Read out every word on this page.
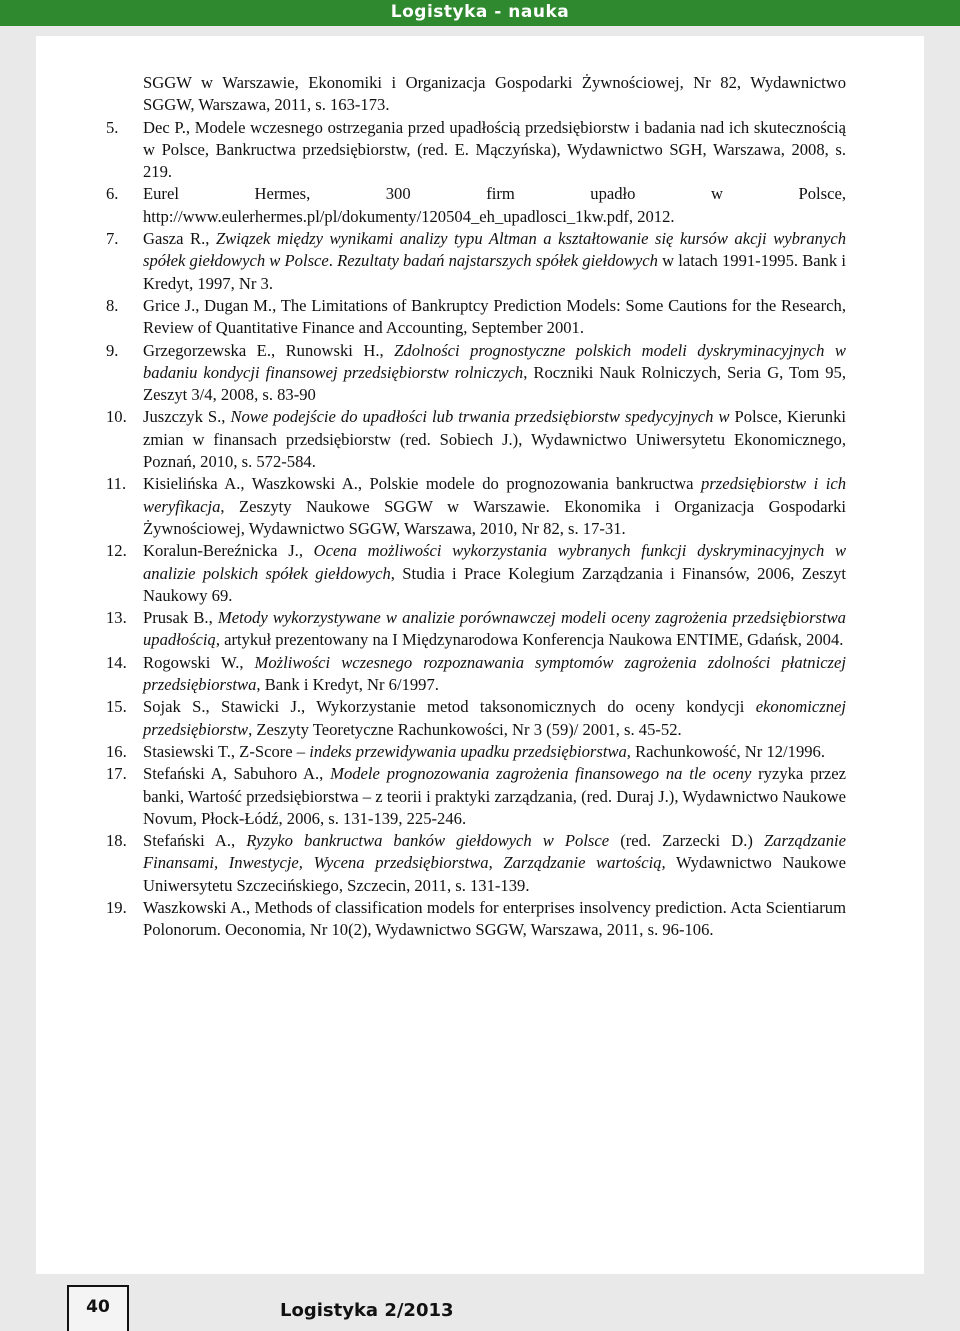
Logistyka - nauka
SGGW w Warszawie, Ekonomiki i Organizacja Gospodarki Żywnościowej, Nr 82, Wydawnictwo SGGW, Warszawa, 2011, s. 163-173.
5. Dec P., Modele wczesnego ostrzegania przed upadłością przedsiębiorstw i badania nad ich skutecznością w Polsce, Bankructwa przedsiębiorstw, (red. E. Mączyńska), Wydawnictwo SGH, Warszawa, 2008, s. 219.
6. Eurel Hermes, 300 firm upadło w Polsce, http://www.eulerhermes.pl/pl/dokumenty/120504_eh_upadlosci_1kw.pdf, 2012.
7. Gasza R., Związek między wynikami analizy typu Altman a kształtowanie się kursów akcji wybranych spółek giełdowych w Polsce. Rezultaty badań najstarszych spółek giełdowych w latach 1991-1995. Bank i Kredyt, 1997, Nr 3.
8. Grice J., Dugan M., The Limitations of Bankruptcy Prediction Models: Some Cautions for the Research, Review of Quantitative Finance and Accounting, September 2001.
9. Grzegorzewska E., Runowski H., Zdolności prognostyczne polskich modeli dyskryminacyjnych w badaniu kondycji finansowej przedsiębiorstw rolniczych, Roczniki Nauk Rolniczych, Seria G, Tom 95, Zeszyt 3/4, 2008, s. 83-90
10. Juszczyk S., Nowe podejście do upadłości lub trwania przedsiębiorstw spedycyjnych w Polsce, Kierunki zmian w finansach przedsiębiorstw (red. Sobiech J.), Wydawnictwo Uniwersytetu Ekonomicznego, Poznań, 2010, s. 572-584.
11. Kisielińska A., Waszkowski A., Polskie modele do prognozowania bankructwa przedsiębiorstw i ich weryfikacja, Zeszyty Naukowe SGGW w Warszawie. Ekonomika i Organizacja Gospodarki Żywnościowej, Wydawnictwo SGGW, Warszawa, 2010, Nr 82, s. 17-31.
12. Koralun-Bereźnicka J., Ocena możliwości wykorzystania wybranych funkcji dyskryminacyjnych w analizie polskich spółek giełdowych, Studia i Prace Kolegium Zarządzania i Finansów, 2006, Zeszyt Naukowy 69.
13. Prusak B., Metody wykorzystywane w analizie porównawczej modeli oceny zagrożenia przedsiębiorstwa upadłością, artykuł prezentowany na I Międzynarodowa Konferencja Naukowa ENTIME, Gdańsk, 2004.
14. Rogowski W., Możliwości wczesnego rozpoznawania symptomów zagrożenia zdolności płatniczej przedsiębiorstwa, Bank i Kredyt, Nr 6/1997.
15. Sojak S., Stawicki J., Wykorzystanie metod taksonomicznych do oceny kondycji ekonomicznej przedsiębiorstw, Zeszyty Teoretyczne Rachunkowości, Nr 3 (59)/ 2001, s. 45-52.
16. Stasiewski T., Z-Score – indeks przewidywania upadku przedsiębiorstwa, Rachunkowość, Nr 12/1996.
17. Stefański A, Sabuhoro A., Modele prognozowania zagrożenia finansowego na tle oceny ryzyka przez banki, Wartość przedsiębiorstwa – z teorii i praktyki zarządzania, (red. Duraj J.), Wydawnictwo Naukowe Novum, Płock-Łódź, 2006, s. 131-139, 225-246.
18. Stefański A., Ryzyko bankructwa banków giełdowych w Polsce (red. Zarzecki D.) Zarządzanie Finansami, Inwestycje, Wycena przedsiębiorstwa, Zarządzanie wartością, Wydawnictwo Naukowe Uniwersytetu Szczecińskiego, Szczecin, 2011, s. 131-139.
19. Waszkowski A., Methods of classification models for enterprises insolvency prediction. Acta Scientiarum Polonorum. Oeconomia, Nr 10(2), Wydawnictwo SGGW, Warszawa, 2011, s. 96-106.
40	Logistyka 2/2013
